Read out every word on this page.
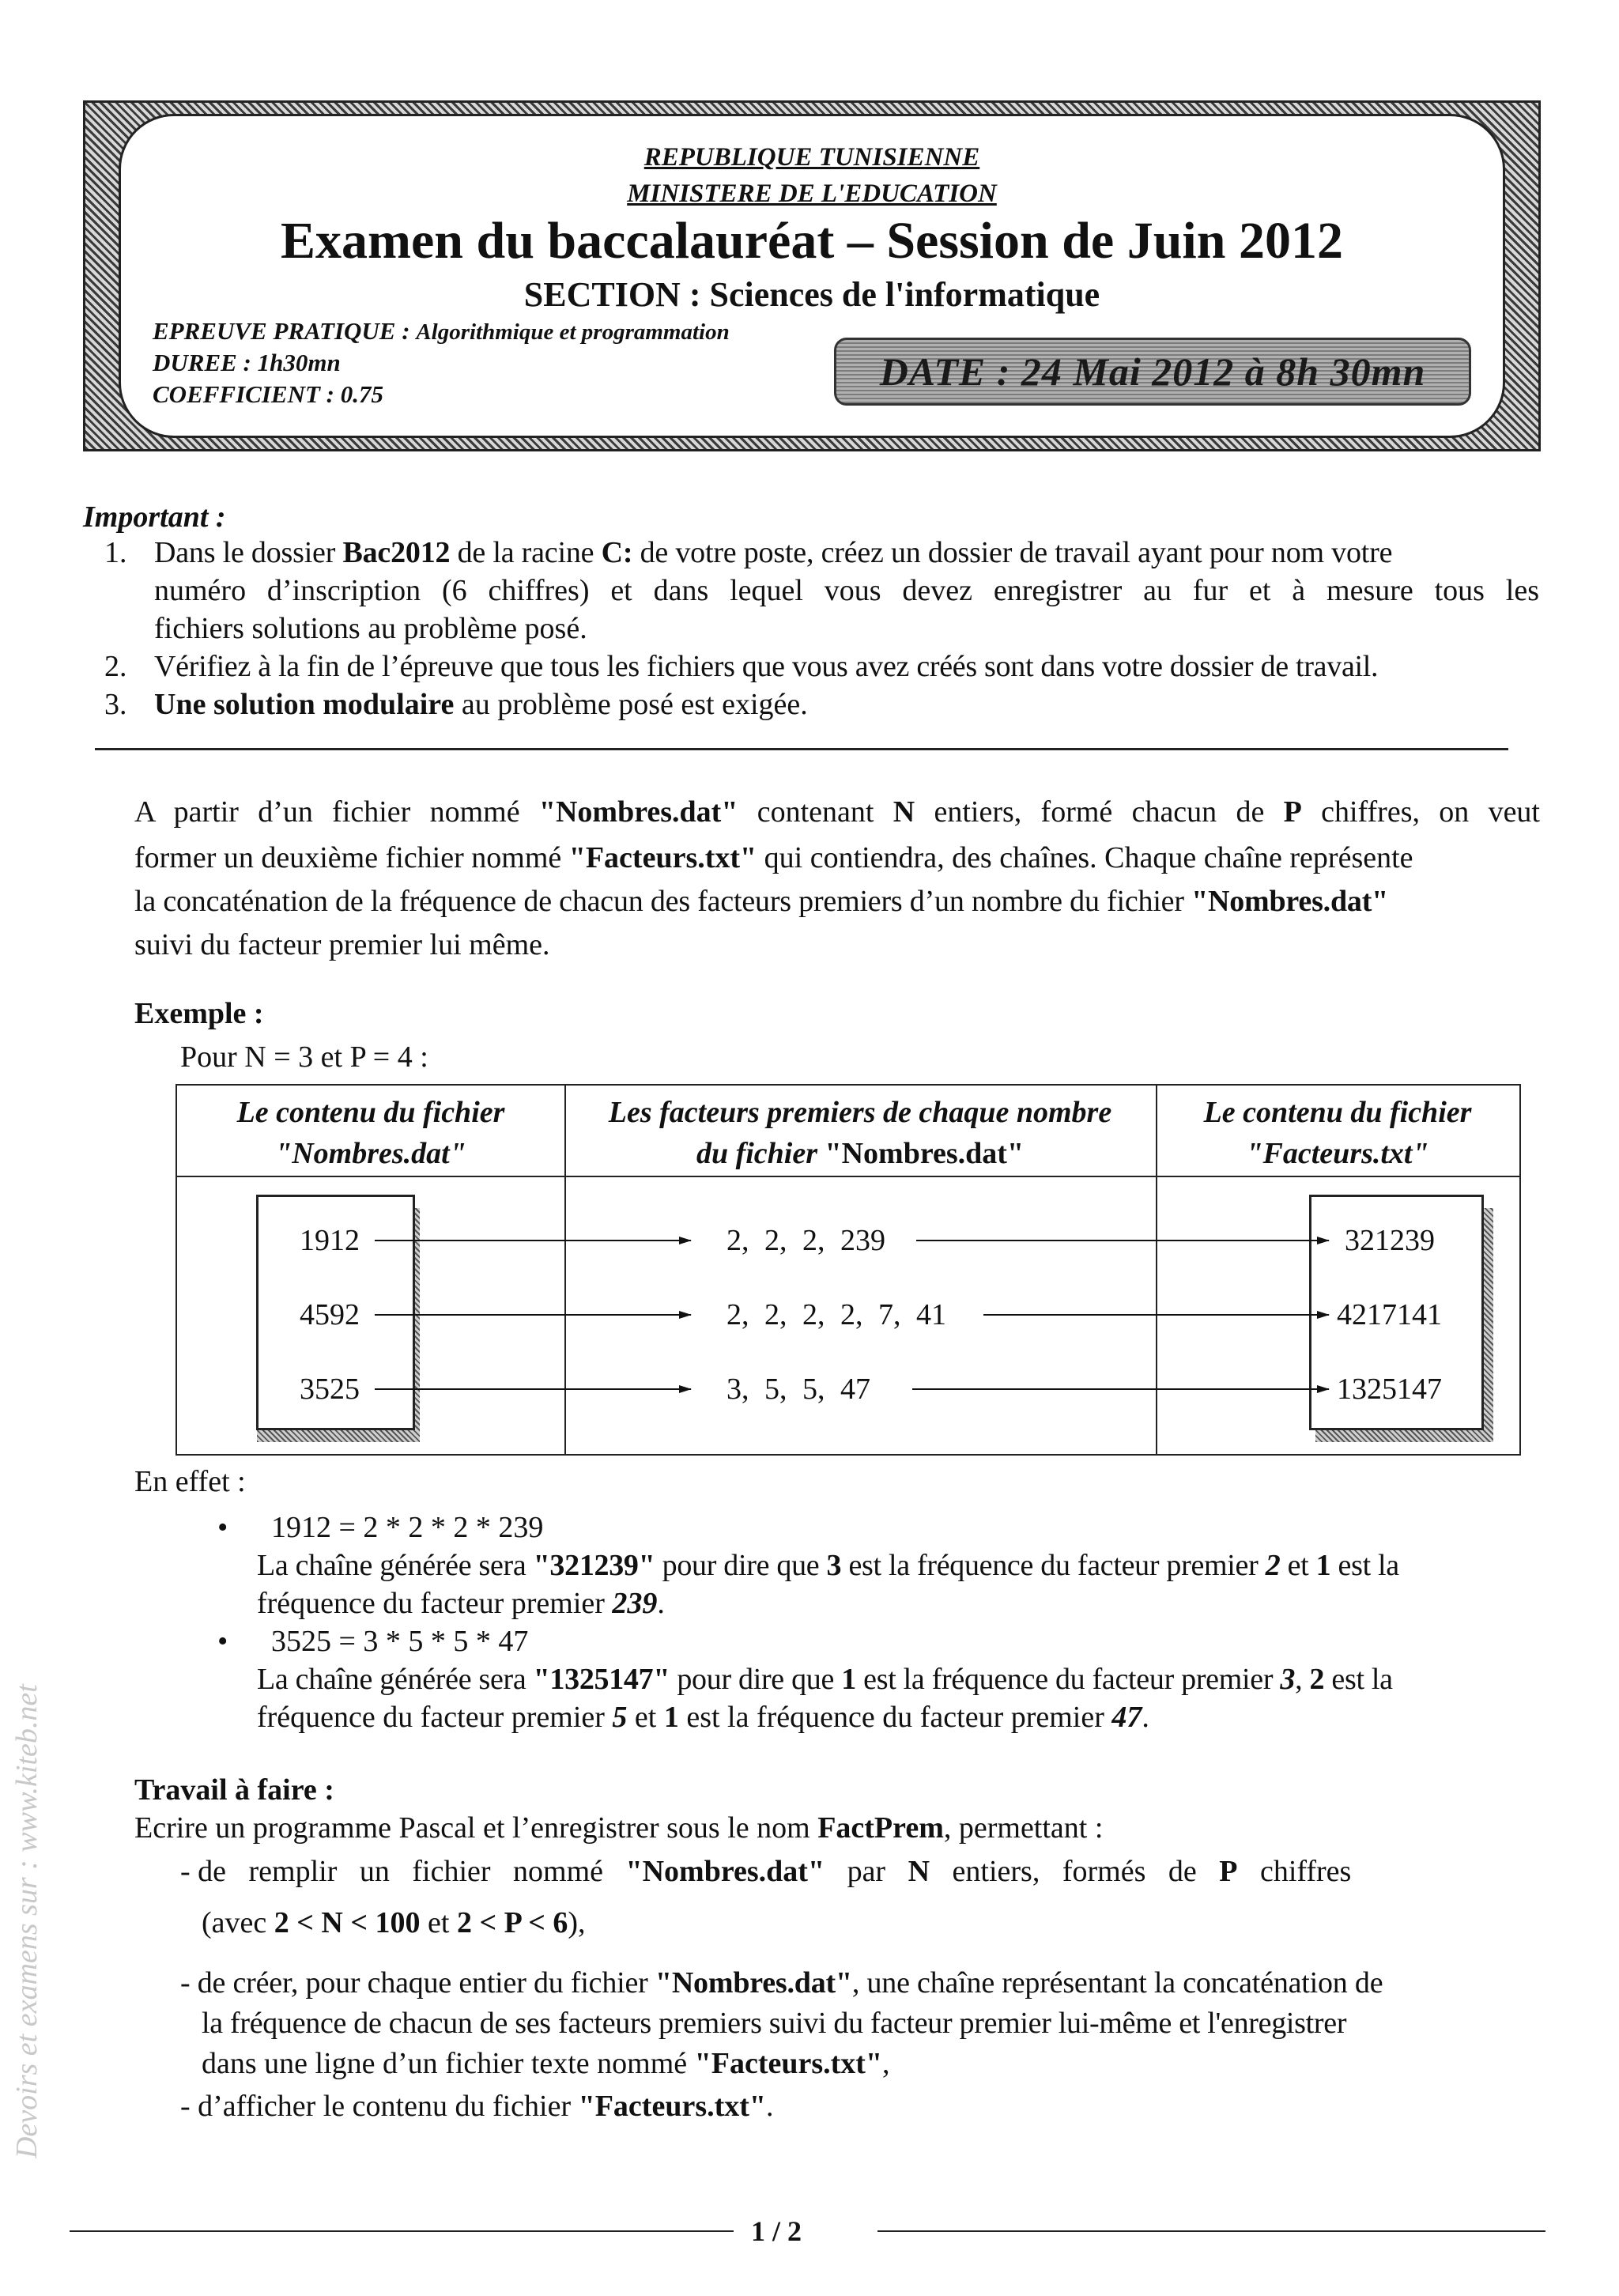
REPUBLIQUE TUNISIENNE
MINISTERE DE L'EDUCATION
Examen du baccalauréat – Session de Juin 2012
SECTION : Sciences de l'informatique
EPREUVE PRATIQUE : Algorithmique et programmation
DUREE : 1h30mn
COEFFICIENT : 0.75
DATE : 24 Mai 2012 à 8h 30mn
Important :
1. Dans le dossier Bac2012 de la racine C: de votre poste, créez un dossier de travail ayant pour nom votre
numéro d’inscription (6 chiffres) et dans lequel vous devez enregistrer au fur et à mesure tous les
fichiers solutions au problème posé.
2. Vérifiez à la fin de l’épreuve que tous les fichiers que vous avez créés sont dans votre dossier de travail.
3. Une solution modulaire au problème posé est exigée.
A partir d’un fichier nommé "Nombres.dat" contenant N entiers, formé chacun de P chiffres, on veut
former un deuxième fichier nommé "Facteurs.txt" qui contiendra, des chaînes. Chaque chaîne représente
la concaténation de la fréquence de chacun des facteurs premiers d’un nombre du fichier "Nombres.dat"
suivi du facteur premier lui même.
Exemple :
Pour N = 3 et P = 4 :
Le contenu du fichier
"Nombres.dat"
Les facteurs premiers de chaque nombre
du fichier "Nombres.dat"
Le contenu du fichier
"Facteurs.txt"
1912
4592
3525
2, 2, 2, 239
2, 2, 2, 2, 7, 41
3, 5, 5, 47
321239
4217141
1325147
En effet :
• 1912 = 2 * 2 * 2 * 239
La chaîne générée sera "321239" pour dire que 3 est la fréquence du facteur premier 2 et 1 est la
fréquence du facteur premier 239.
• 3525 = 3 * 5 * 5 * 47
La chaîne générée sera "1325147" pour dire que 1 est la fréquence du facteur premier 3, 2 est la
fréquence du facteur premier 5 et 1 est la fréquence du facteur premier 47.
Travail à faire :
Ecrire un programme Pascal et l’enregistrer sous le nom FactPrem, permettant :
- de   remplir   un   fichier   nommé   "Nombres.dat"   par   N   entiers,   formés   de   P   chiffres
(avec 2 < N < 100 et 2 < P < 6),
- de créer, pour chaque entier du fichier "Nombres.dat", une chaîne représentant la concaténation de
la fréquence de chacun de ses facteurs premiers suivi du facteur premier lui-même et l'enregistrer
dans une ligne d’un fichier texte nommé "Facteurs.txt",
- d’afficher le contenu du fichier "Facteurs.txt".
1 / 2
Devoirs et examens sur : www.kiteb.net
